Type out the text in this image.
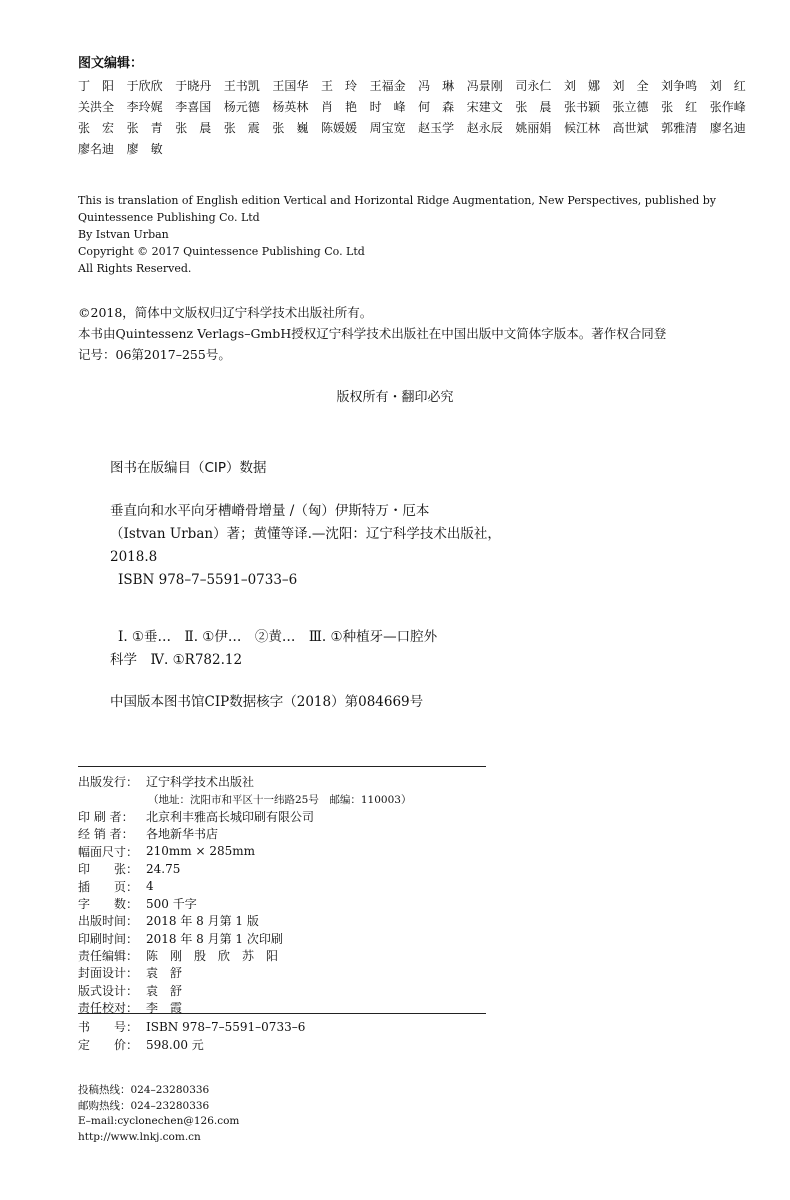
图文编辑：
丁　阳	于欣欣	于晓丹	王书凯	王国华	王　玲	王福金	冯　琳	冯景刚	司永仁	刘　娜	刘　全	刘争鸣	刘　红
关洪全	李玲娓	李喜国	杨元德	杨英林	肖　艳	时　峰	何　森	宋建文	张　晨	张书颖	张立德	张　红	张作峰
张　宏	张　青	张　晨	张　震	张　巍	陈媛媛	周宝宽	赵玉学	赵永辰	姚丽娟	候江林	高世斌	郭雅清	廖名迪
廖名迪	廖　敏

This is translation of English edition Vertical and Horizontal Ridge Augmentation, New Perspectives, published by

Quintessence Publishing Co. Ltd

By Istvan Urban

Copyright © 2017 Quintessence Publishing Co. Ltd

All Rights Reserved.

©2018，简体中文版权归辽宁科学技术出版社所有。

本书由Quintessenz Verlags–GmbH授权辽宁科学技术出版社在中国出版中文简体字版本。著作权合同登

记号：06第2017–255号。

版权所有・翻印必究
图书在版编目（CIP）数据

垂直向和水平向牙槽嵴骨增量 /（匈）伊斯特万・厄本

（Istvan Urban）著；黄懂等译.—沈阳：辽宁科学技术出版社，

2018.8

ISBN 978–7–5591–0733–6

Ⅰ. ①垂…　Ⅱ. ①伊…　②黄…　Ⅲ. ①种植牙—口腔外

科学　Ⅳ. ①R782.12

中国版本图书馆CIP数据核字（2018）第084669号
出版发行： 辽宁科学技术出版社
（地址：沈阳市和平区十一纬路25号　邮编：110003）
印 刷 者：	北京利丰雅高长城印刷有限公司
经 销 者：	各地新华书店
幅面尺寸： 210mm × 285mm
印　　张： 24.75
插　　页： 4
字　　数： 500 千字
出版时间： 2018 年 8 月第 1 版
印刷时间： 2018 年 8 月第 1 次印刷
责任编辑： 陈　刚　殷　欣　苏　阳
封面设计： 袁　舒
版式设计： 袁　舒
责任校对： 李　霞
书　　号： ISBN 978–7–5591–0733–6
定　　价： 598.00 元

投稿热线：024–23280336

邮购热线：024–23280336

E–mail:cyclonechen@126.com

http://www.lnkj.com.cn
